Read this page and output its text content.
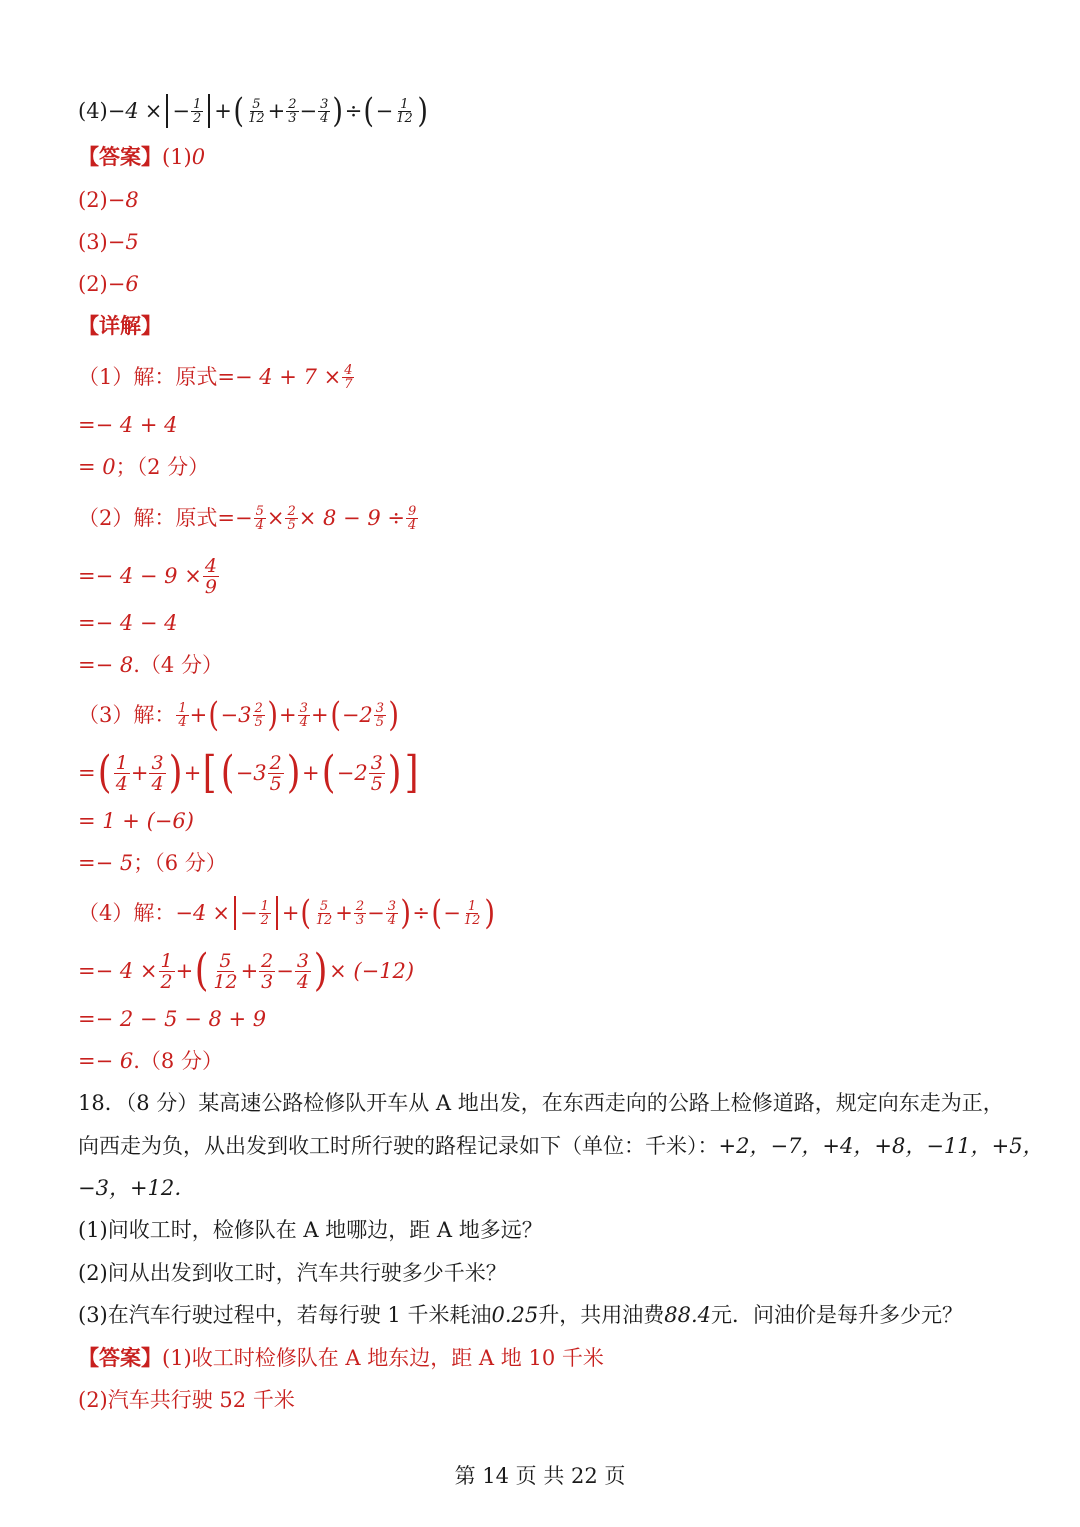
(4) −4 × − $\frac{1}{2}$ + ( $\frac{5}{12} + \frac{2}{3} - \frac{3}{4}$ ) ÷ ( − $\frac{1}{12}$ )
【答案】 (1) 0
(2) −8
(3) −5
(2) −6
【详解】
（1）解：原式= − $4 + 7 \times \frac{4}{7}$
=− 4 + 4
= 0 ；（2 分）
（2）解：原式= − $\frac{5}{4} \times \frac{2}{5} \times 8 - 9 \div \frac{9}{4}$
=− $4 - 9 \times \frac{4}{9}$
=− 4 − 4
=− 8 .（4 分）
（3）解： $\frac{1}{4}$ + ( $-3 \frac{2}{5}$ ) + $\frac{3}{4}$ + ( $-2 \frac{3}{5}$ )
= ( $\frac{1}{4} + \frac{3}{4}$ ) + [ ( $-3 \frac{2}{5}$ ) + ( $-2 \frac{3}{5}$ ) ]
= 1 + (−6)
=− 5 ；（6 分）
（4）解： −4 × − $\frac{1}{2}$ + ( $\frac{5}{12} + \frac{2}{3} - \frac{3}{4}$ ) ÷ ( − $\frac{1}{12}$ )
=− $4 \times \frac{1}{2}$ + ( $\frac{5}{12} + \frac{2}{3} - \frac{3}{4}$ ) × (−12)
=− 2 − 5 − 8 + 9
=− 6 .（8 分）
18．（8 分）某高速公路检修队开车从 A 地出发，在东西走向的公路上检修道路，规定向东走为正，
向西走为负，从出发到收工时所行驶的路程记录如下（单位：千米）： +2，−7，+4，+8，−11，+5，
−3，+12．
(1)问收工时，检修队在 A 地哪边，距 A 地多远？
(2)问从出发到收工时，汽车共行驶多少千米？
(3)在汽车行驶过程中，若每行驶 1 千米耗油 0.25 升，共用油费 88.4 元．问油价是每升多少元？
【答案】 (1)收工时检修队在 A 地东边，距 A 地 10 千米
(2)汽车共行驶 52 千米
第 14 页 共 22 页
